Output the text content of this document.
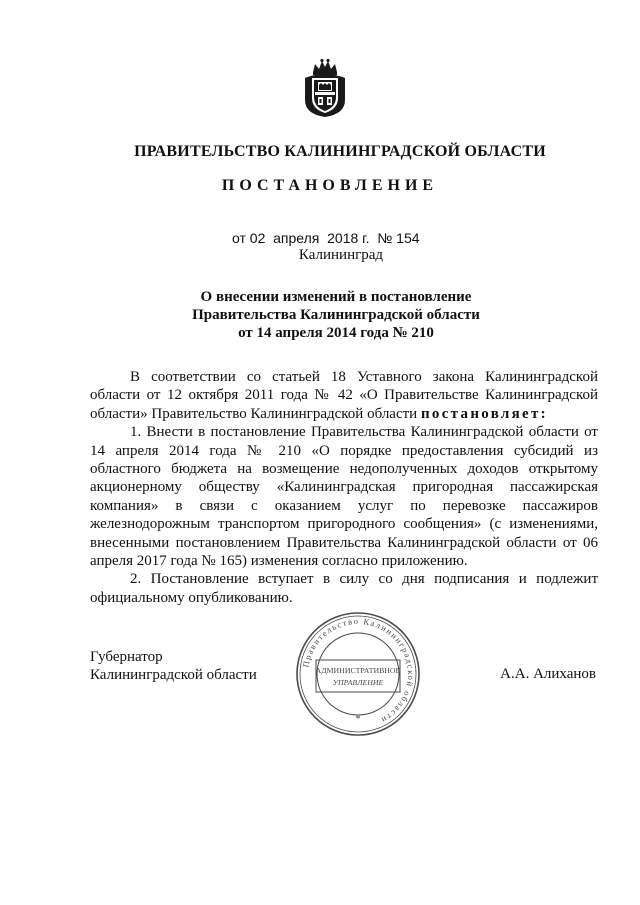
ПРАВИТЕЛЬСТВО КАЛИНИНГРАДСКОЙ ОБЛАСТИ
ПОСТАНОВЛЕНИЕ
от 02  апреля  2018 г. № 154
Калининград
О внесении изменений в постановление
Правительства Калининградской области
от 14 апреля 2014 года № 210

В соответствии со статьей 18 Уставного закона Калининградской области от 12 октября 2011 года № 42 «О Правительстве Калининградской области» Правительство Калининградской области постановляет:

1. Внести в постановление Правительства Калининградской области от 14 апреля 2014 года № 210 «О порядке предоставления субсидий из областного бюджета на возмещение недополученных доходов открытому акционерному обществу «Калининградская пригородная пассажирская компания» в связи с оказанием услуг по перевозке пассажиров железнодорожным транспортом пригородного сообщения» (с изменениями, внесенными постановлением Правительства Калининградской области от 06 апреля 2017 года № 165) изменения согласно приложению.

2. Постановление вступает в силу со дня подписания и подлежит официальному опубликованию.

Губернатор
Калининградской области	А.А. Алиханов
Правительство Калининградской области
АДМИНИСТРАТИВНОЕ
УПРАВЛЕНИЕ
*
